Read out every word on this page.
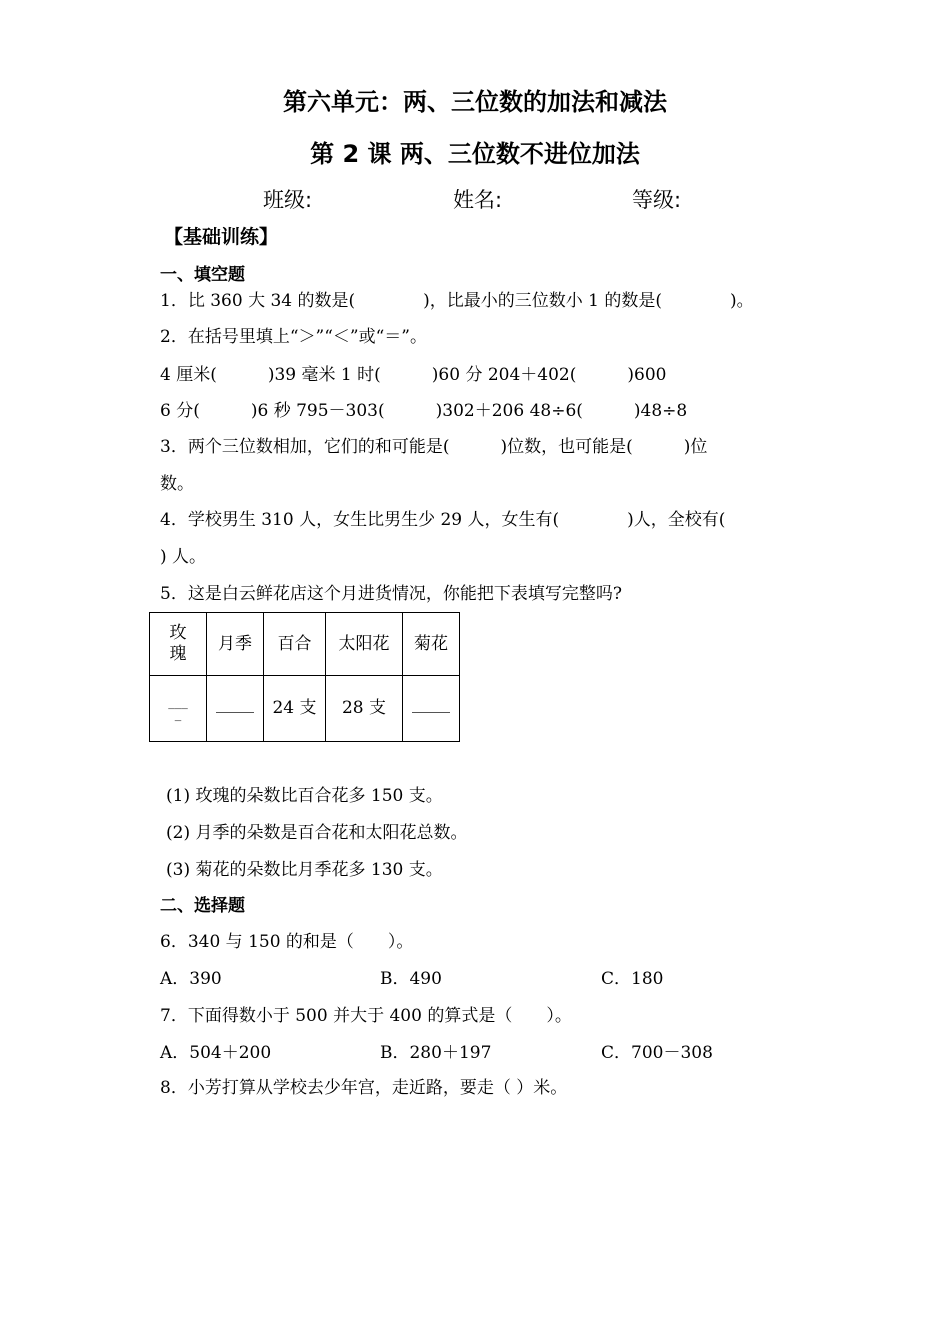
第六单元：两、三位数的加法和减法
第 2 课 两、三位数不进位加法
班级:	姓名:	等级:
【基础训练】
一、填空题
1．比 360 大 34 的数是(　　　　)，比最小的三位数小 1 的数是(　　　　)。
2．在括号里填上“＞”“＜”或“＝”。
4 厘米(　　　)39 毫米 1 时(　　　)60 分 204＋402(　　　)600
6 分(　　　)6 秒 795－303(　　　)302＋206 48÷6(　　　)48÷8
3．两个三位数相加，它们的和可能是(　　　)位数，也可能是(　　　)位
数。
4．学校男生 310 人，女生比男生少 29 人，女生有(　　　　)人，全校有(
) 人。
5．这是白云鲜花店这个月进货情况，你能把下表填写完整吗?
玫
瑰	月季	百合	太阳花	菊花

___
_		24 支	28 支	
(1) 玫瑰的朵数比百合花多 150 支。
(2) 月季的朵数是百合花和太阳花总数。
(3) 菊花的朵数比月季花多 130 支。
二、选择题
6．340 与 150 的和是（　　）。
A．390	B．490	C．180
7．下面得数小于 500 并大于 400 的算式是（　　）。
A．504＋200	B．280＋197	C．700－308
8．小芳打算从学校去少年宫，走近路，要走（ ）米。
